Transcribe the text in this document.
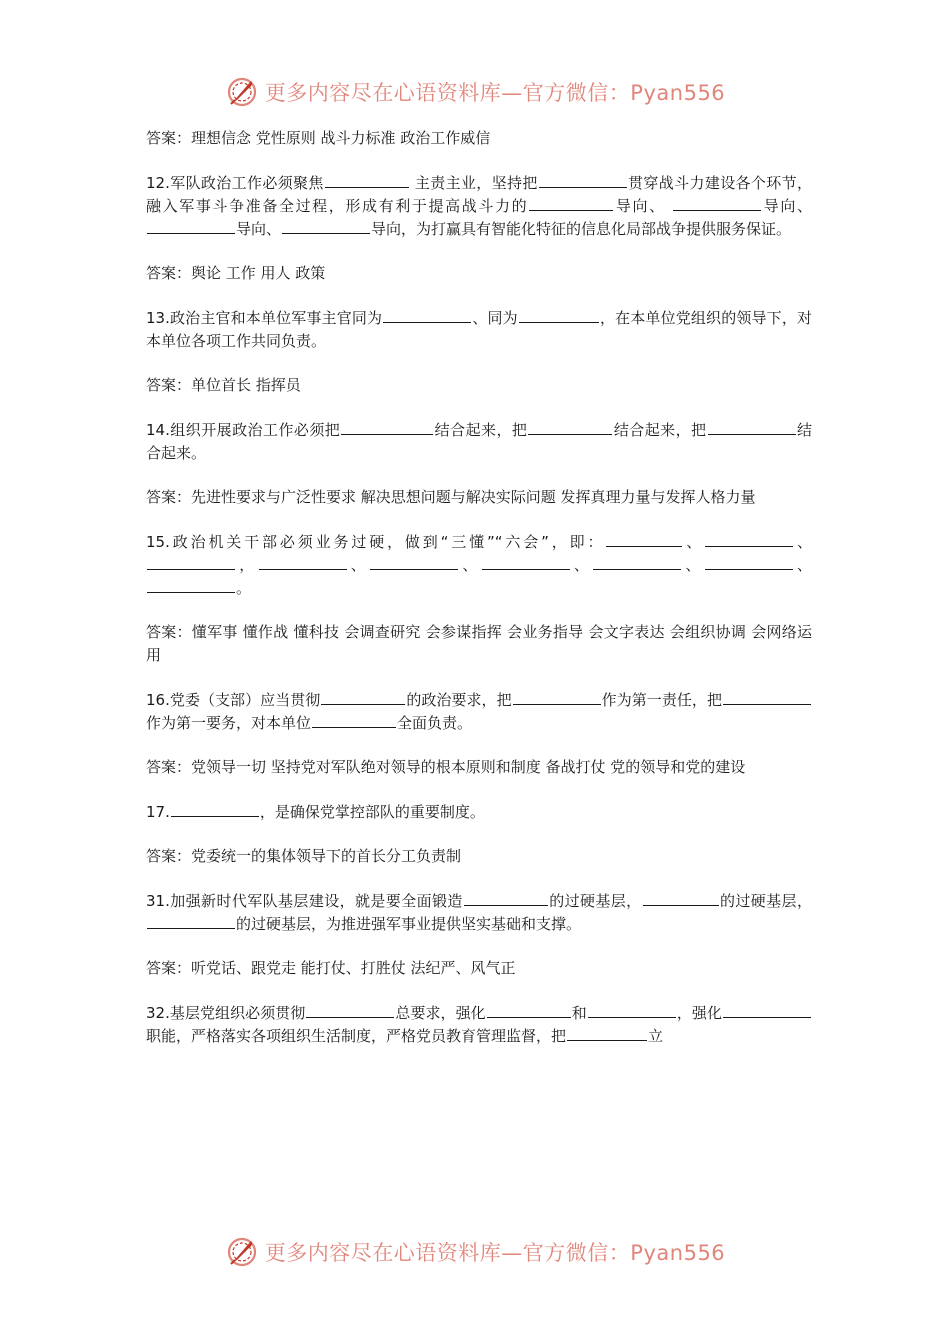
更多内容尽在心语资料库—官方微信：Pyan556

答案：理想信念 党性原则 战斗力标准 政治工作威信

12.军队政治工作必须聚焦	主责主业，坚持把	贯穿战斗力建设各个环节，融入军事斗争准备全过程，形成有利于提高战斗力的	导向、	导向、导向、	导向，为打赢具有智能化特征的信息化局部战争提供服务保证。

答案：舆论 工作 用人 政策

13.政治主官和本单位军事主官同为	、同为	，在本单位党组织的领导下，对本单位各项工作共同负责。

答案：单位首长 指挥员

14.组织开展政治工作必须把	结合起来，把	结合起来，把	结合起来。

答案：先进性要求与广泛性要求 解决思想问题与解决实际问题 发挥真理力量与发挥人格力量

15.政治机关干部必须业务过硬，做到“三懂”“六会”，即：	、	、，	、	、	、	、	、。

答案：懂军事 懂作战 懂科技 会调查研究 会参谋指挥 会业务指导 会文字表达 会组织协调 会网络运用

16.党委（支部）应当贯彻	的政治要求，把	作为第一责任，把作为第一要务，对本单位	全面负责。

答案：党领导一切 坚持党对军队绝对领导的根本原则和制度 备战打仗 党的领导和党的建设

17.	，是确保党掌控部队的重要制度。

答案：党委统一的集体领导下的首长分工负责制

31.加强新时代军队基层建设，就是要全面锻造	的过硬基层，	的过硬基层，的过硬基层，为推进强军事业提供坚实基础和支撑。

答案：听党话、跟党走 能打仗、打胜仗 法纪严、风气正

32.基层党组织必须贯彻	总要求，强化	和	，强化职能，严格落实各项组织生活制度，严格党员教育管理监督，把	立

更多内容尽在心语资料库—官方微信：Pyan556
